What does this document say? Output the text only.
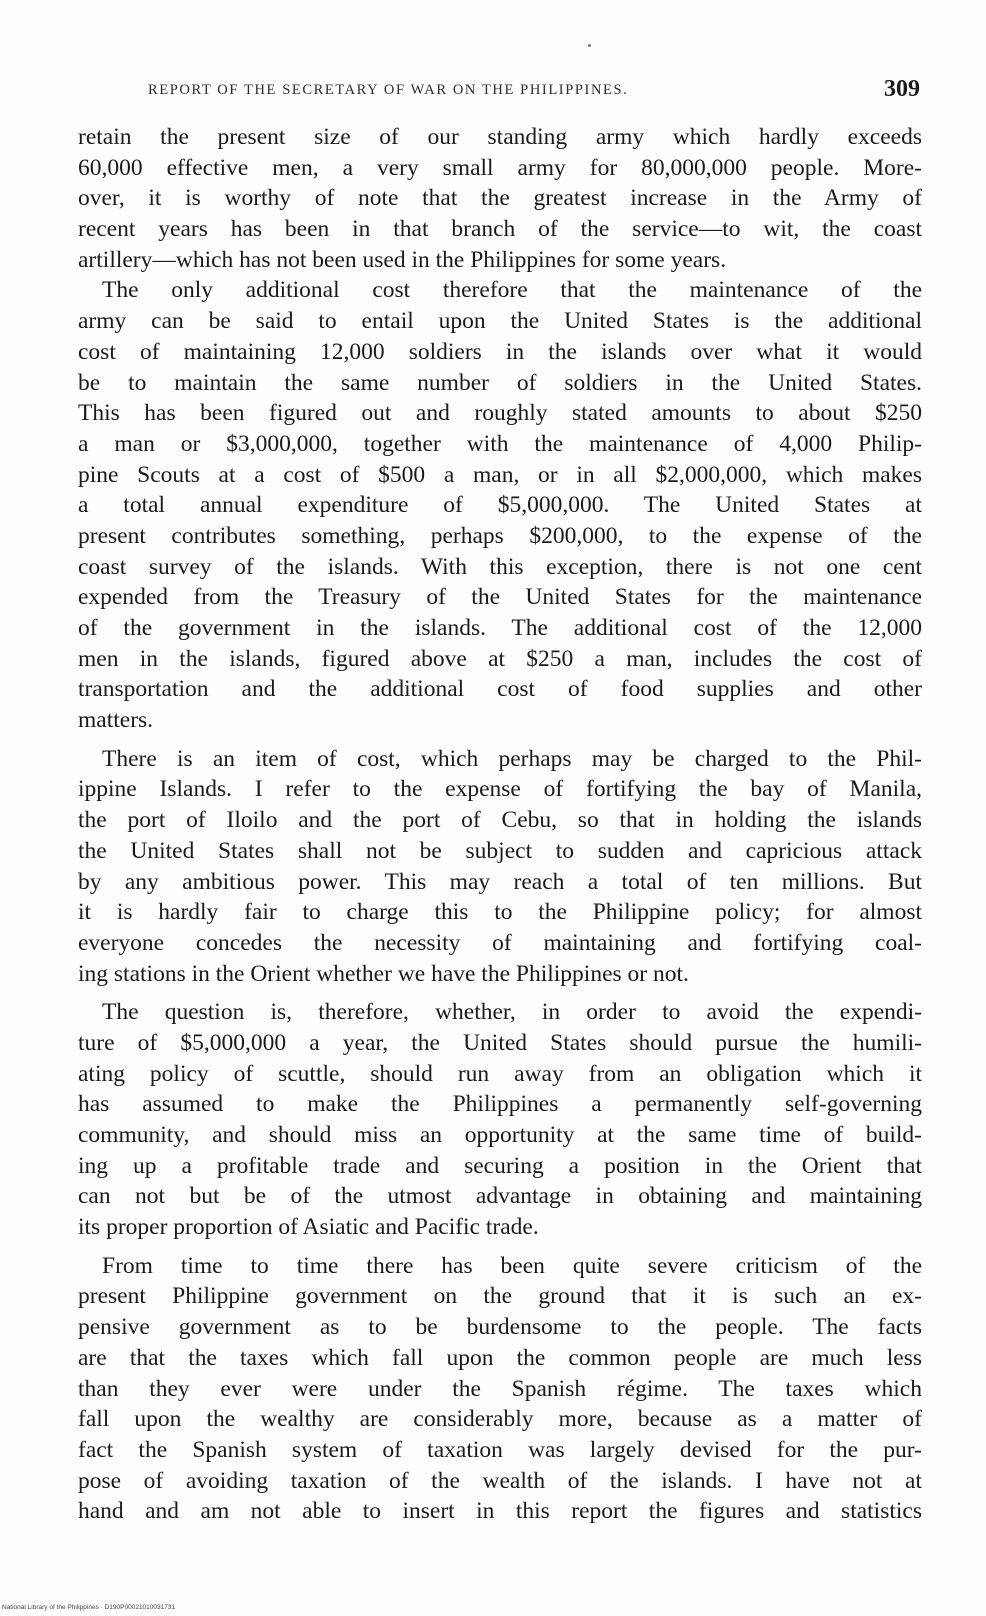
REPORT OF THE SECRETARY OF WAR ON THE PHILIPPINES.	309
retain the present size of our standing army which hardly exceeds
60,000 effective men, a very small army for 80,000,000 people. More-
over, it is worthy of note that the greatest increase in the Army of
recent years has been in that branch of the service—to wit, the coast
artillery—which has not been used in the Philippines for some years.
The only additional cost therefore that the maintenance of the
army can be said to entail upon the United States is the additional
cost of maintaining 12,000 soldiers in the islands over what it would
be to maintain the same number of soldiers in the United States.
This has been figured out and roughly stated amounts to about $250
a man or $3,000,000, together with the maintenance of 4,000 Philip-
pine Scouts at a cost of $500 a man, or in all $2,000,000, which makes
a total annual expenditure of $5,000,000. The United States at
present contributes something, perhaps $200,000, to the expense of the
coast survey of the islands. With this exception, there is not one cent
expended from the Treasury of the United States for the maintenance
of the government in the islands. The additional cost of the 12,000
men in the islands, figured above at $250 a man, includes the cost of
transportation and the additional cost of food supplies and other
matters.
There is an item of cost, which perhaps may be charged to the Phil-
ippine Islands. I refer to the expense of fortifying the bay of Manila,
the port of Iloilo and the port of Cebu, so that in holding the islands
the United States shall not be subject to sudden and capricious attack
by any ambitious power. This may reach a total of ten millions. But
it is hardly fair to charge this to the Philippine policy; for almost
everyone concedes the necessity of maintaining and fortifying coal-
ing stations in the Orient whether we have the Philippines or not.
The question is, therefore, whether, in order to avoid the expendi-
ture of $5,000,000 a year, the United States should pursue the humili-
ating policy of scuttle, should run away from an obligation which it
has assumed to make the Philippines a permanently self-governing
community, and should miss an opportunity at the same time of build-
ing up a profitable trade and securing a position in the Orient that
can not but be of the utmost advantage in obtaining and maintaining
its proper proportion of Asiatic and Pacific trade.
From time to time there has been quite severe criticism of the
present Philippine government on the ground that it is such an ex-
pensive government as to be burdensome to the people. The facts
are that the taxes which fall upon the common people are much less
than they ever were under the Spanish régime. The taxes which
fall upon the wealthy are considerably more, because as a matter of
fact the Spanish system of taxation was largely devised for the pur-
pose of avoiding taxation of the wealth of the islands. I have not at
hand and am not able to insert in this report the figures and statistics
National Library of the Philippines · D190P00021010031731
